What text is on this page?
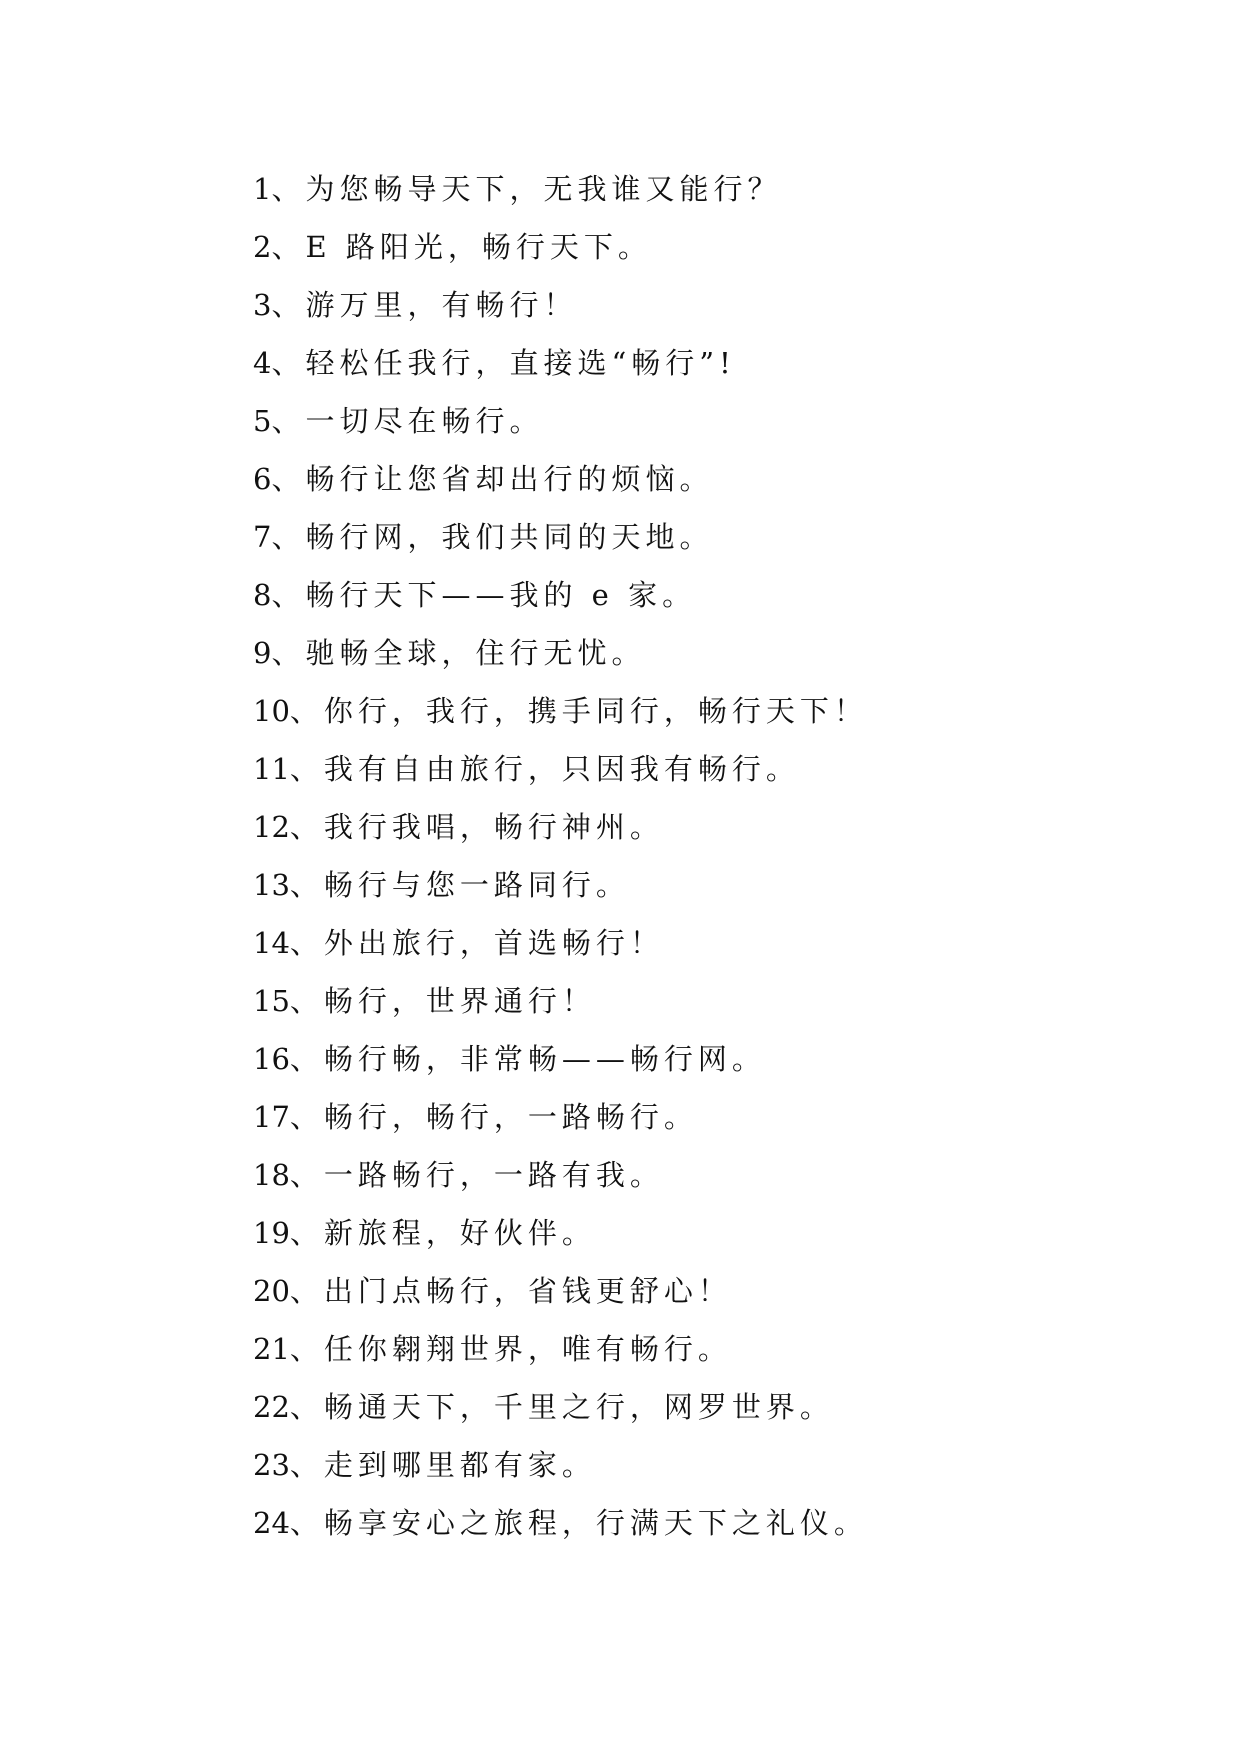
1、为您畅导天下，无我谁又能行？
2、E 路阳光，畅行天下。
3、游万里，有畅行！
4、轻松任我行，直接选“畅行”!
5、一切尽在畅行。
6、畅行让您省却出行的烦恼。
7、畅行网，我们共同的天地。
8、畅行天下——我的 e 家。
9、驰畅全球，住行无忧。
10、你行，我行，携手同行，畅行天下！
11、我有自由旅行，只因我有畅行。
12、我行我唱，畅行神州。
13、畅行与您一路同行。
14、外出旅行，首选畅行！
15、畅行，世界通行！
16、畅行畅，非常畅——畅行网。
17、畅行，畅行，一路畅行。
18、一路畅行，一路有我。
19、新旅程，好伙伴。
20、出门点畅行，省钱更舒心！
21、任你翱翔世界，唯有畅行。
22、畅通天下，千里之行，网罗世界。
23、走到哪里都有家。
24、畅享安心之旅程，行满天下之礼仪。
